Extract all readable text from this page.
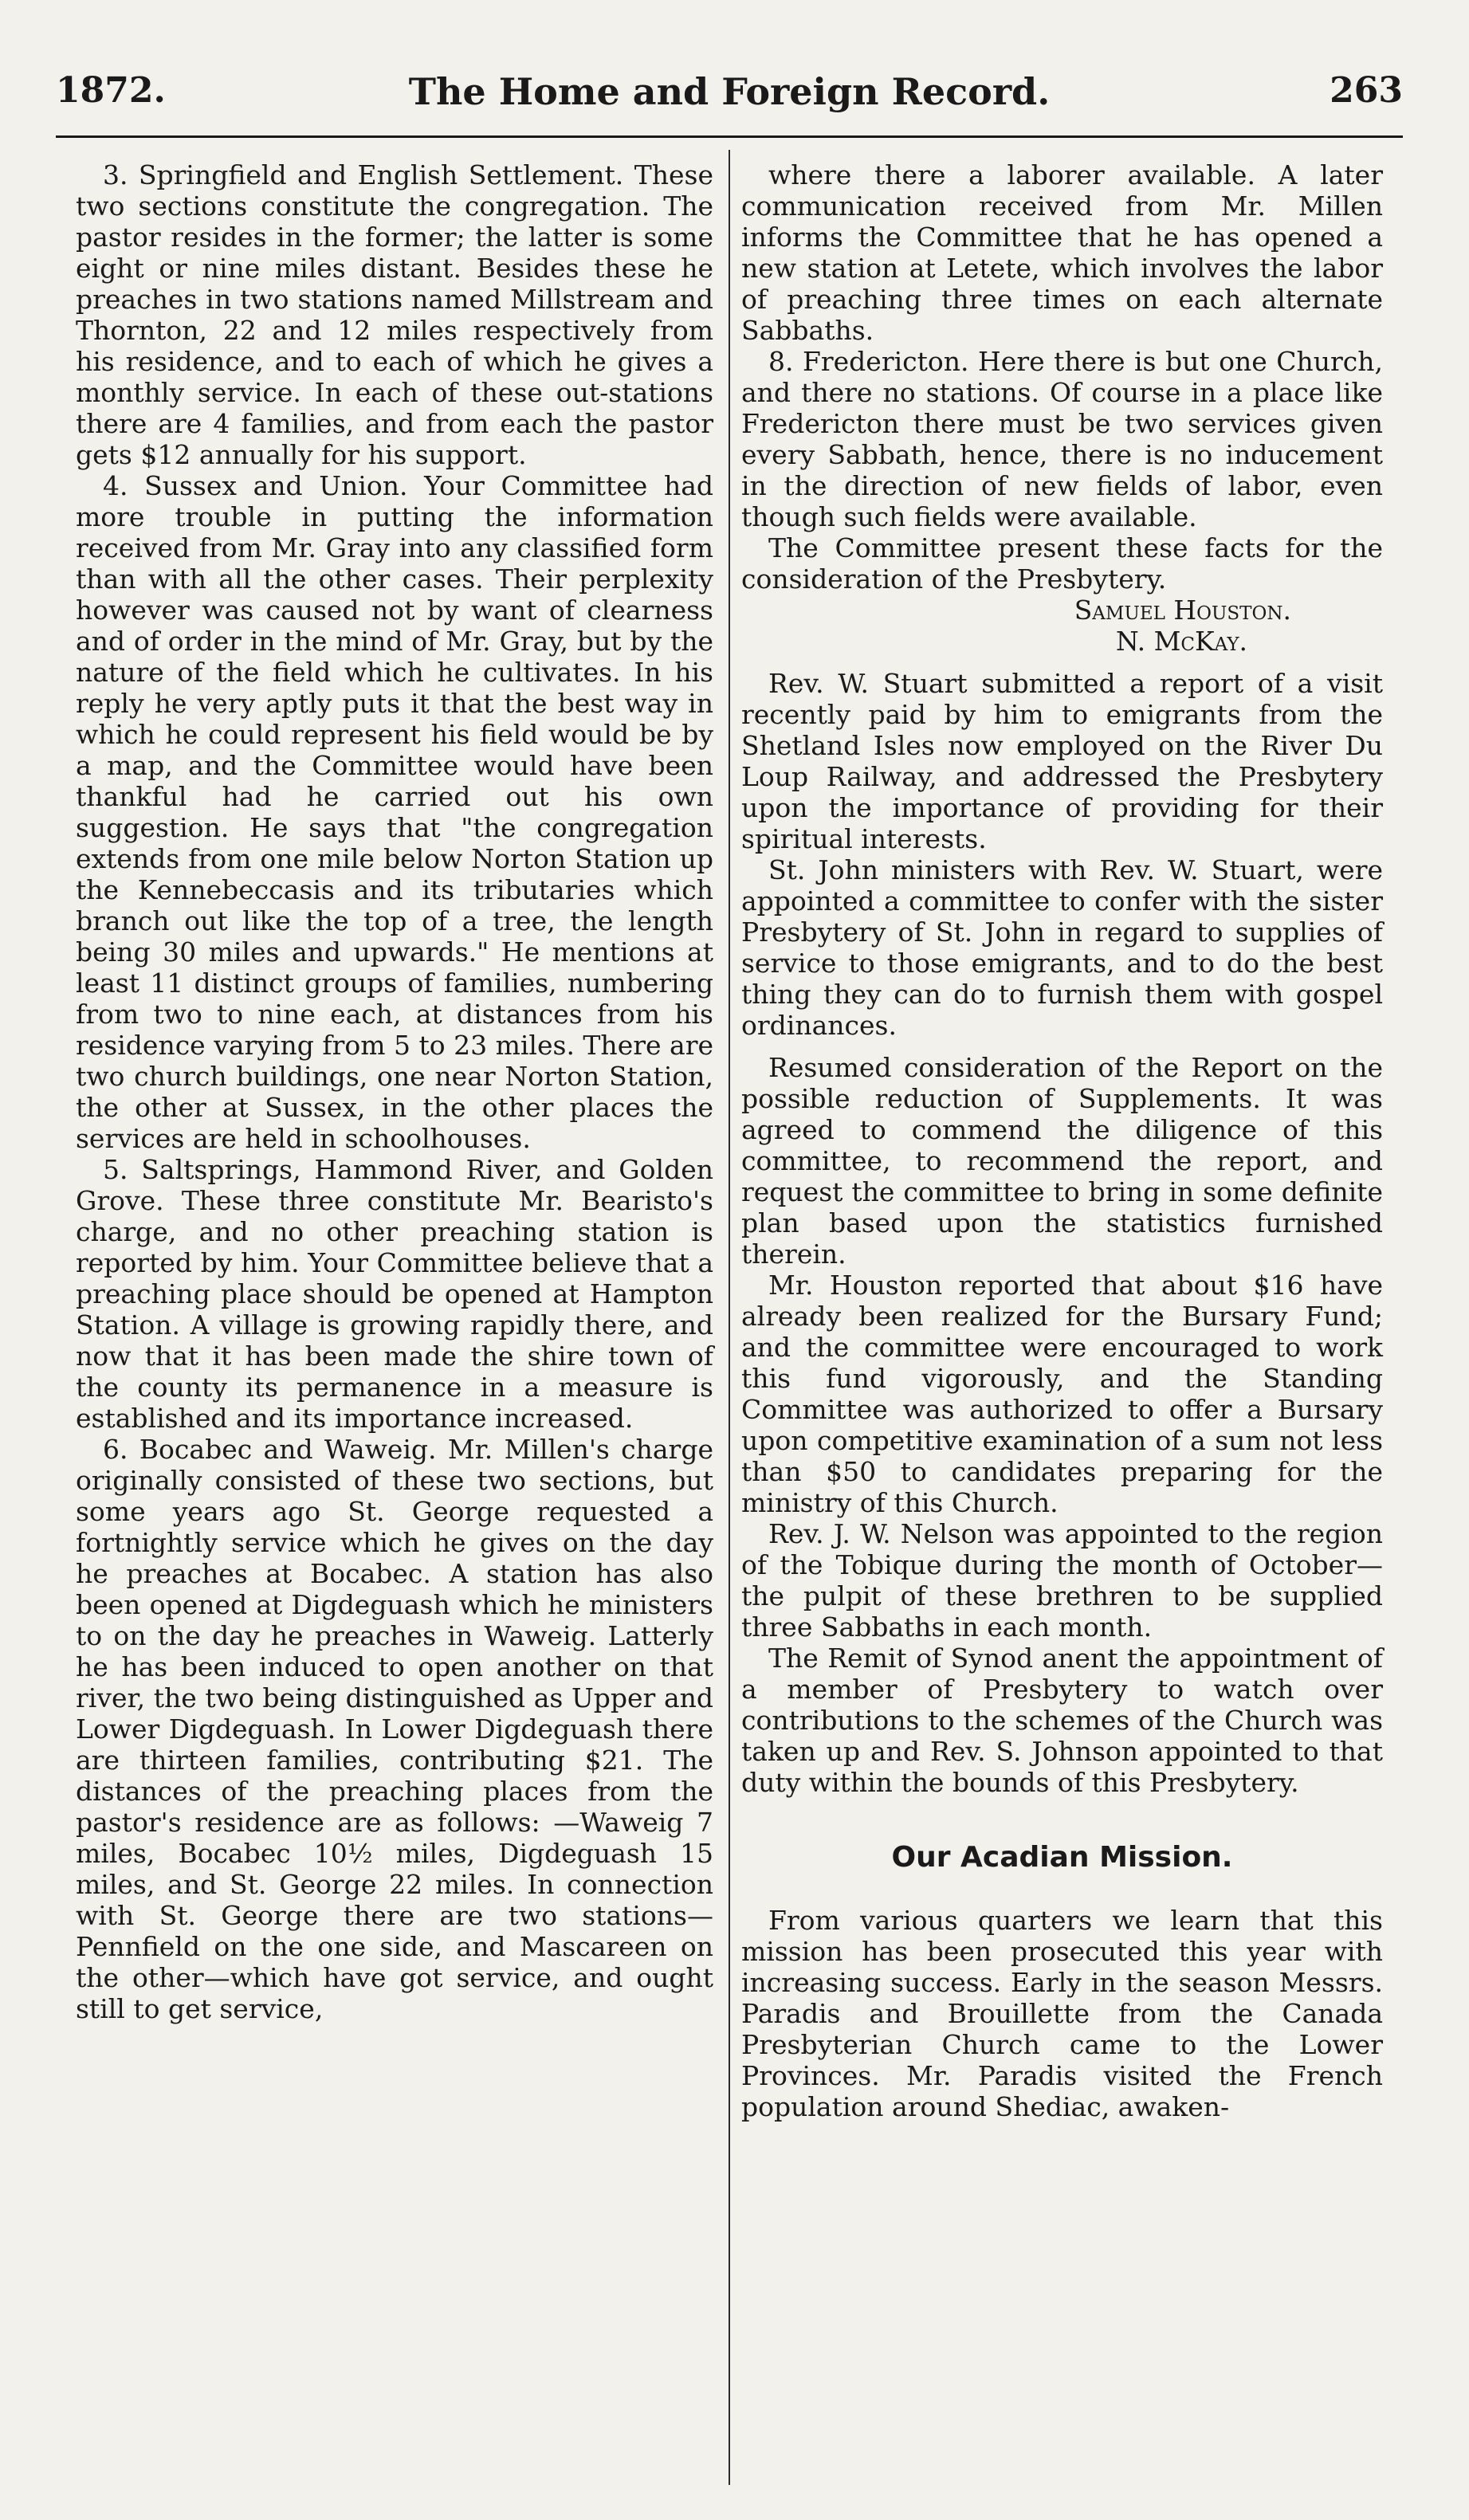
1872.	The Home and Foreign Record.	263

3. Springfield and English Settlement. These two sections constitute the congregation. The pastor resides in the former; the latter is some eight or nine miles distant. Besides these he preaches in two stations named Millstream and Thornton, 22 and 12 miles respectively from his residence, and to each of which he gives a monthly service. In each of these out-stations there are 4 families, and from each the pastor gets $12 annually for his support.

4. Sussex and Union. Your Committee had more trouble in putting the information received from Mr. Gray into any classified form than with all the other cases. Their perplexity however was caused not by want of clearness and of order in the mind of Mr. Gray, but by the nature of the field which he cultivates. In his reply he very aptly puts it that the best way in which he could represent his field would be by a map, and the Committee would have been thankful had he carried out his own suggestion. He says that "the congregation extends from one mile below Norton Station up the Kennebeccasis and its tributaries which branch out like the top of a tree, the length being 30 miles and upwards." He mentions at least 11 distinct groups of families, numbering from two to nine each, at distances from his residence varying from 5 to 23 miles. There are two church buildings, one near Norton Station, the other at Sussex, in the other places the services are held in schoolhouses.

5. Saltsprings, Hammond River, and Golden Grove. These three constitute Mr. Bearisto's charge, and no other preaching station is reported by him. Your Committee believe that a preaching place should be opened at Hampton Station. A village is growing rapidly there, and now that it has been made the shire town of the county its permanence in a measure is established and its importance increased.

6. Bocabec and Waweig. Mr. Millen's charge originally consisted of these two sections, but some years ago St. George requested a fortnightly service which he gives on the day he preaches at Bocabec. A station has also been opened at Digdeguash which he ministers to on the day he preaches in Waweig. Latterly he has been induced to open another on that river, the two being distinguished as Upper and Lower Digdeguash. In Lower Digdeguash there are thirteen families, contributing $21. The distances of the preaching places from the pastor's residence are as follows: —Waweig 7 miles, Bocabec 10½ miles, Digdeguash 15 miles, and St. George 22 miles. In connection with St. George there are two stations—Pennfield on the one side, and Mascareen on the other—which have got service, and ought still to get service,

where there a laborer available. A later communication received from Mr. Millen informs the Committee that he has opened a new station at Letete, which involves the labor of preaching three times on each alternate Sabbaths.

8. Fredericton. Here there is but one Church, and there no stations. Of course in a place like Fredericton there must be two services given every Sabbath, hence, there is no inducement in the direction of new fields of labor, even though such fields were available.

The Committee present these facts for the consideration of the Presbytery.

Samuel Houston.

N. McKay.

Rev. W. Stuart submitted a report of a visit recently paid by him to emigrants from the Shetland Isles now employed on the River Du Loup Railway, and addressed the Presbytery upon the importance of providing for their spiritual interests.

St. John ministers with Rev. W. Stuart, were appointed a committee to confer with the sister Presbytery of St. John in regard to supplies of service to those emigrants, and to do the best thing they can do to furnish them with gospel ordinances.

Resumed consideration of the Report on the possible reduction of Supplements. It was agreed to commend the diligence of this committee, to recommend the report, and request the committee to bring in some definite plan based upon the statistics furnished therein.

Mr. Houston reported that about $16 have already been realized for the Bursary Fund; and the committee were encouraged to work this fund vigorously, and the Standing Committee was authorized to offer a Bursary upon competitive examination of a sum not less than $50 to candidates preparing for the ministry of this Church.

Rev. J. W. Nelson was appointed to the region of the Tobique during the month of October—the pulpit of these brethren to be supplied three Sabbaths in each month.

The Remit of Synod anent the appointment of a member of Presbytery to watch over contributions to the schemes of the Church was taken up and Rev. S. Johnson appointed to that duty within the bounds of this Presbytery.

Our Acadian Mission.

From various quarters we learn that this mission has been prosecuted this year with increasing success. Early in the season Messrs. Paradis and Brouillette from the Canada Presbyterian Church came to the Lower Provinces. Mr. Paradis visited the French population around Shediac, awaken-
